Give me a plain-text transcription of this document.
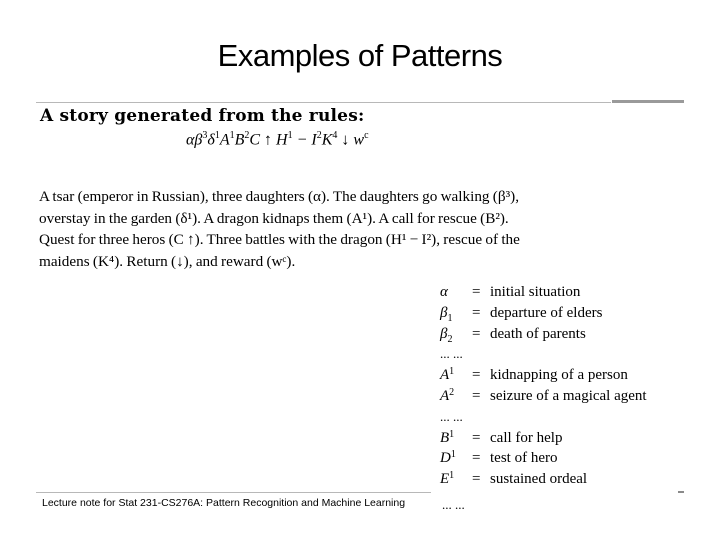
Examples of Patterns
A story generated from the rules:
$\alpha\beta^3\delta^1A^1B^2C$ ↑ $H^1 - I^2K^4$ ↓ $w^c$
A tsar (emperor in Russian), three daughters (α). The daughters go walking (β³),
overstay in the garden (δ¹). A dragon kidnaps them (A¹). A call for rescue (B²).
Quest for three heros (C ↑). Three battles with the dragon (H¹ − I²), rescue of the
maidens (K⁴). Return (↓), and reward (wᶜ).
α = initial situation
$\beta_1$ = departure of elders
$\beta_2$ = death of parents
... ...
$A^1$ = kidnapping of a person
$A^2$ = seizure of a magical agent
... ...
$B^1$ = call for help
$D^1$ = test of hero
$E^1$ = sustained ordeal
Lecture note for Stat 231-CS276A: Pattern Recognition and Machine Learning	... ...
